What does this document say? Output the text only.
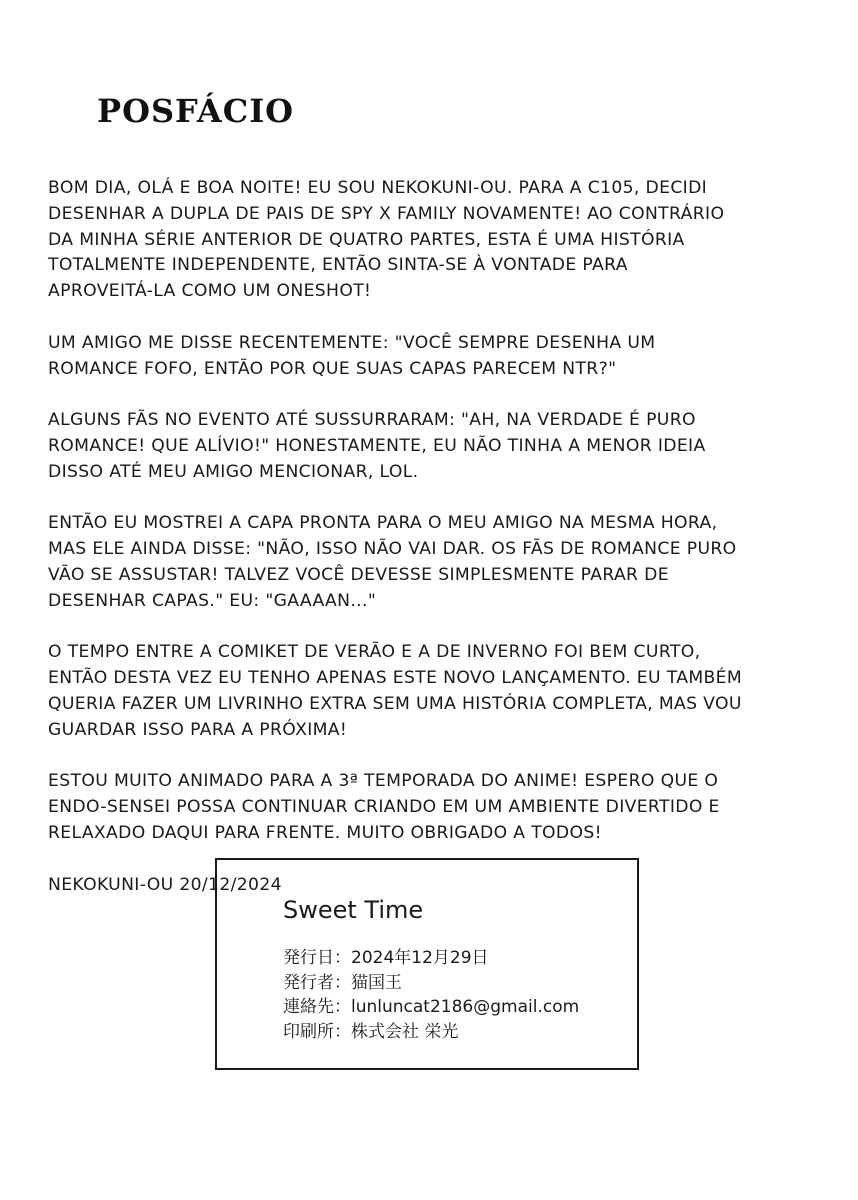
POSFÁCIO

BOM DIA, OLÁ E BOA NOITE! EU SOU NEKOKUNI-OU. PARA A C105, DECIDI
DESENHAR A DUPLA DE PAIS DE SPY X FAMILY NOVAMENTE! AO CONTRÁRIO
DA MINHA SÉRIE ANTERIOR DE QUATRO PARTES, ESTA É UMA HISTÓRIA
TOTALMENTE INDEPENDENTE, ENTÃO SINTA-SE À VONTADE PARA
APROVEITÁ-LA COMO UM ONESHOT!

UM AMIGO ME DISSE RECENTEMENTE: "VOCÊ SEMPRE DESENHA UM
ROMANCE FOFO, ENTÃO POR QUE SUAS CAPAS PARECEM NTR?"

ALGUNS FÃS NO EVENTO ATÉ SUSSURRARAM: "AH, NA VERDADE É PURO
ROMANCE! QUE ALÍVIO!" HONESTAMENTE, EU NÃO TINHA A MENOR IDEIA
DISSO ATÉ MEU AMIGO MENCIONAR, LOL.

ENTÃO EU MOSTREI A CAPA PRONTA PARA O MEU AMIGO NA MESMA HORA,
MAS ELE AINDA DISSE: "NÃO, ISSO NÃO VAI DAR. OS FÃS DE ROMANCE PURO
VÃO SE ASSUSTAR! TALVEZ VOCÊ DEVESSE SIMPLESMENTE PARAR DE
DESENHAR CAPAS." EU: "GAAAAN..."

O TEMPO ENTRE A COMIKET DE VERÃO E A DE INVERNO FOI BEM CURTO,
ENTÃO DESTA VEZ EU TENHO APENAS ESTE NOVO LANÇAMENTO. EU TAMBÉM
QUERIA FAZER UM LIVRINHO EXTRA SEM UMA HISTÓRIA COMPLETA, MAS VOU
GUARDAR ISSO PARA A PRÓXIMA!

ESTOU MUITO ANIMADO PARA A 3ª TEMPORADA DO ANIME! ESPERO QUE O
ENDO-SENSEI POSSA CONTINUAR CRIANDO EM UM AMBIENTE DIVERTIDO E
RELAXADO DAQUI PARA FRENTE. MUITO OBRIGADO A TODOS!

NEKOKUNI-OU 20/12/2024

Sweet Time

発行日：2024年12月29日
発行者：猫国王
連絡先：lunluncat2186@gmail.com
印刷所：株式会社 栄光
